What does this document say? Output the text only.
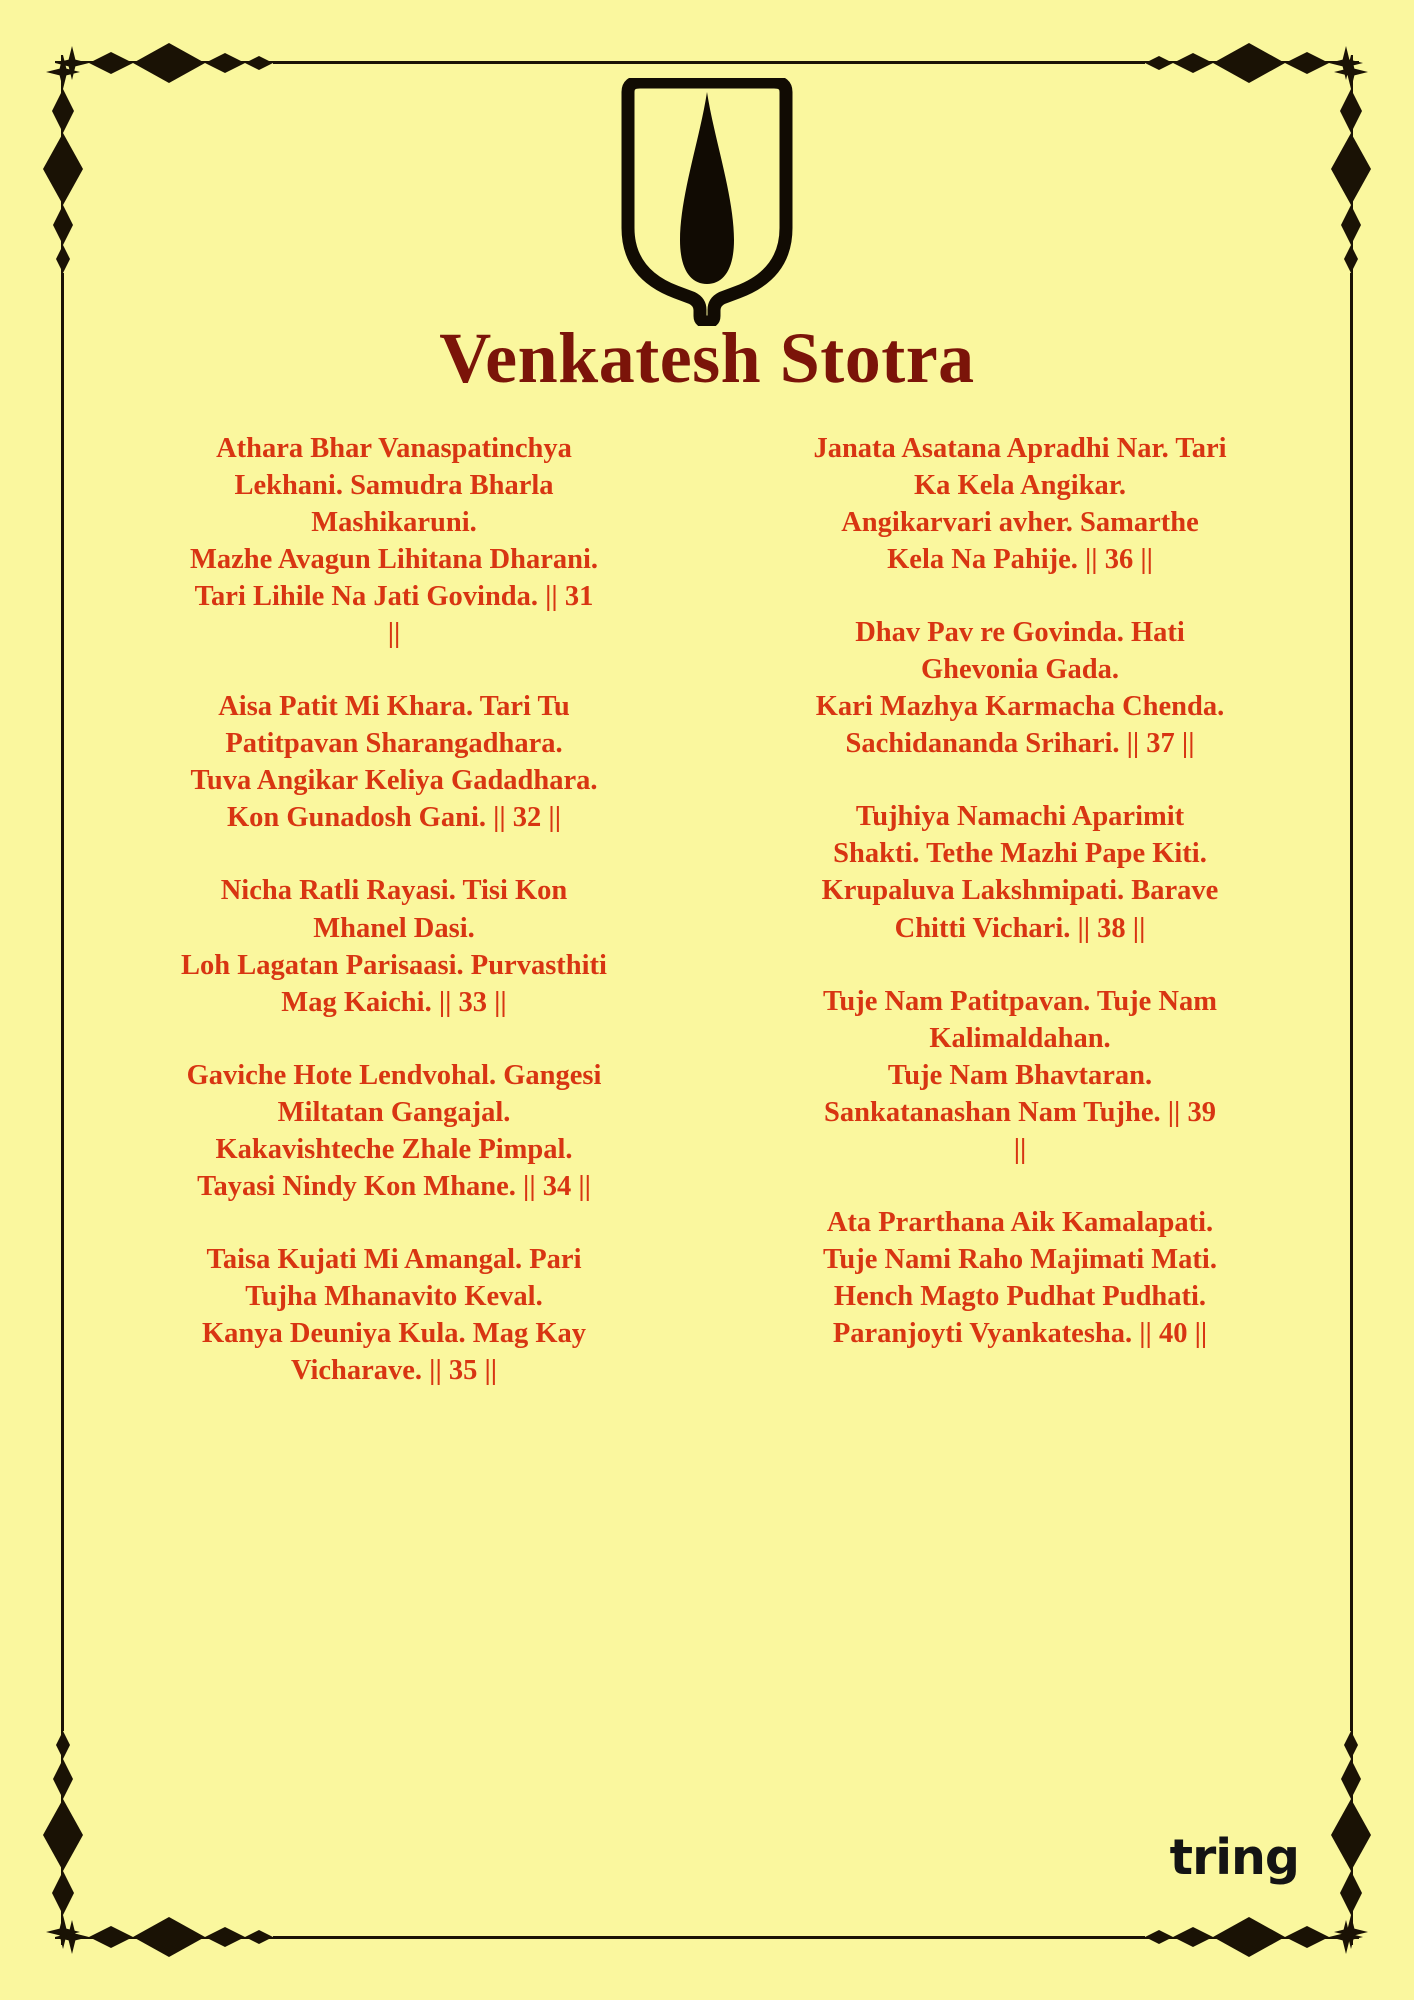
Venkatesh Stotra
Athara Bhar Vanaspatinchya
Lekhani. Samudra Bharla
Mashikaruni.
Mazhe Avagun Lihitana Dharani.
Tari Lihile Na Jati Govinda. || 31
||
Aisa Patit Mi Khara. Tari Tu
Patitpavan Sharangadhara.
Tuva Angikar Keliya Gadadhara.
Kon Gunadosh Gani. || 32 ||
Nicha Ratli Rayasi. Tisi Kon
Mhanel Dasi.
Loh Lagatan Parisaasi. Purvasthiti
Mag Kaichi. || 33 ||
Gaviche Hote Lendvohal. Gangesi
Miltatan Gangajal.
Kakavishteche Zhale Pimpal.
Tayasi Nindy Kon Mhane. || 34 ||
Taisa Kujati Mi Amangal. Pari
Tujha Mhanavito Keval.
Kanya Deuniya Kula. Mag Kay
Vicharave. || 35 ||
Janata Asatana Apradhi Nar. Tari
Ka Kela Angikar.
Angikarvari avher. Samarthe
Kela Na Pahije. || 36 ||
Dhav Pav re Govinda. Hati
Ghevonia Gada.
Kari Mazhya Karmacha Chenda.
Sachidananda Srihari. || 37 ||
Tujhiya Namachi Aparimit
Shakti. Tethe Mazhi Pape Kiti.
Krupaluva Lakshmipati. Barave
Chitti Vichari. || 38 ||
Tuje Nam Patitpavan. Tuje Nam
Kalimaldahan.
Tuje Nam Bhavtaran.
Sankatanashan Nam Tujhe. || 39
||
Ata Prarthana Aik Kamalapati.
Tuje Nami Raho Majimati Mati.
Hench Magto Pudhat Pudhati.
Paranjoyti Vyankatesha. || 40 ||
tring
